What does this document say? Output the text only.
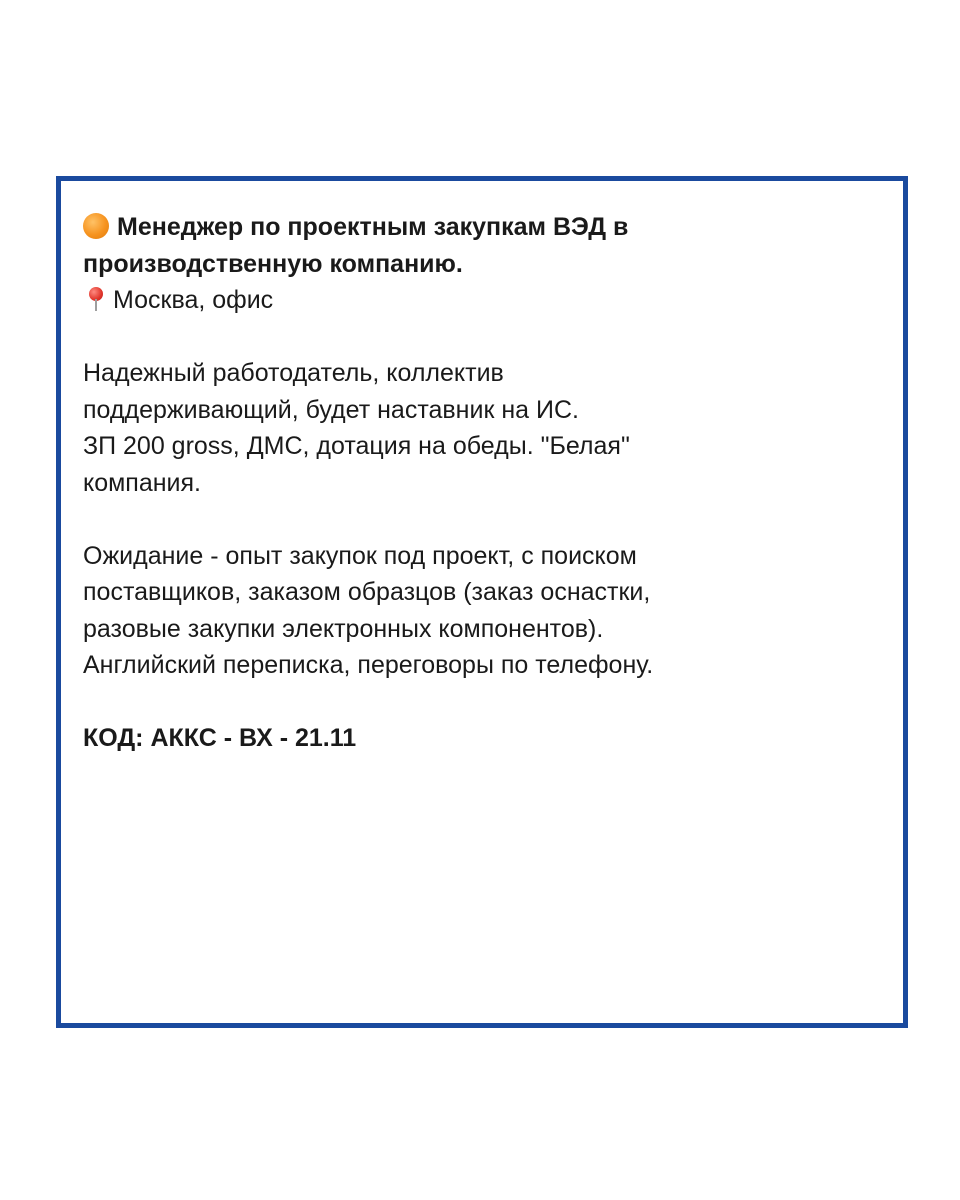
Менеджер по проектным закупкам ВЭД в
производственную компанию.

Москва, офис

Надежный работодатель, коллектив
поддерживающий, будет наставник на ИС.
ЗП 200 gross, ДМС, дотация на обеды. "Белая"
компания.

Ожидание - опыт закупок под проект, с поиском
поставщиков, заказом образцов (заказ оснастки,
разовые закупки электронных компонентов).
Английский переписка, переговоры по телефону.

КОД: АККС - ВХ - 21.11
